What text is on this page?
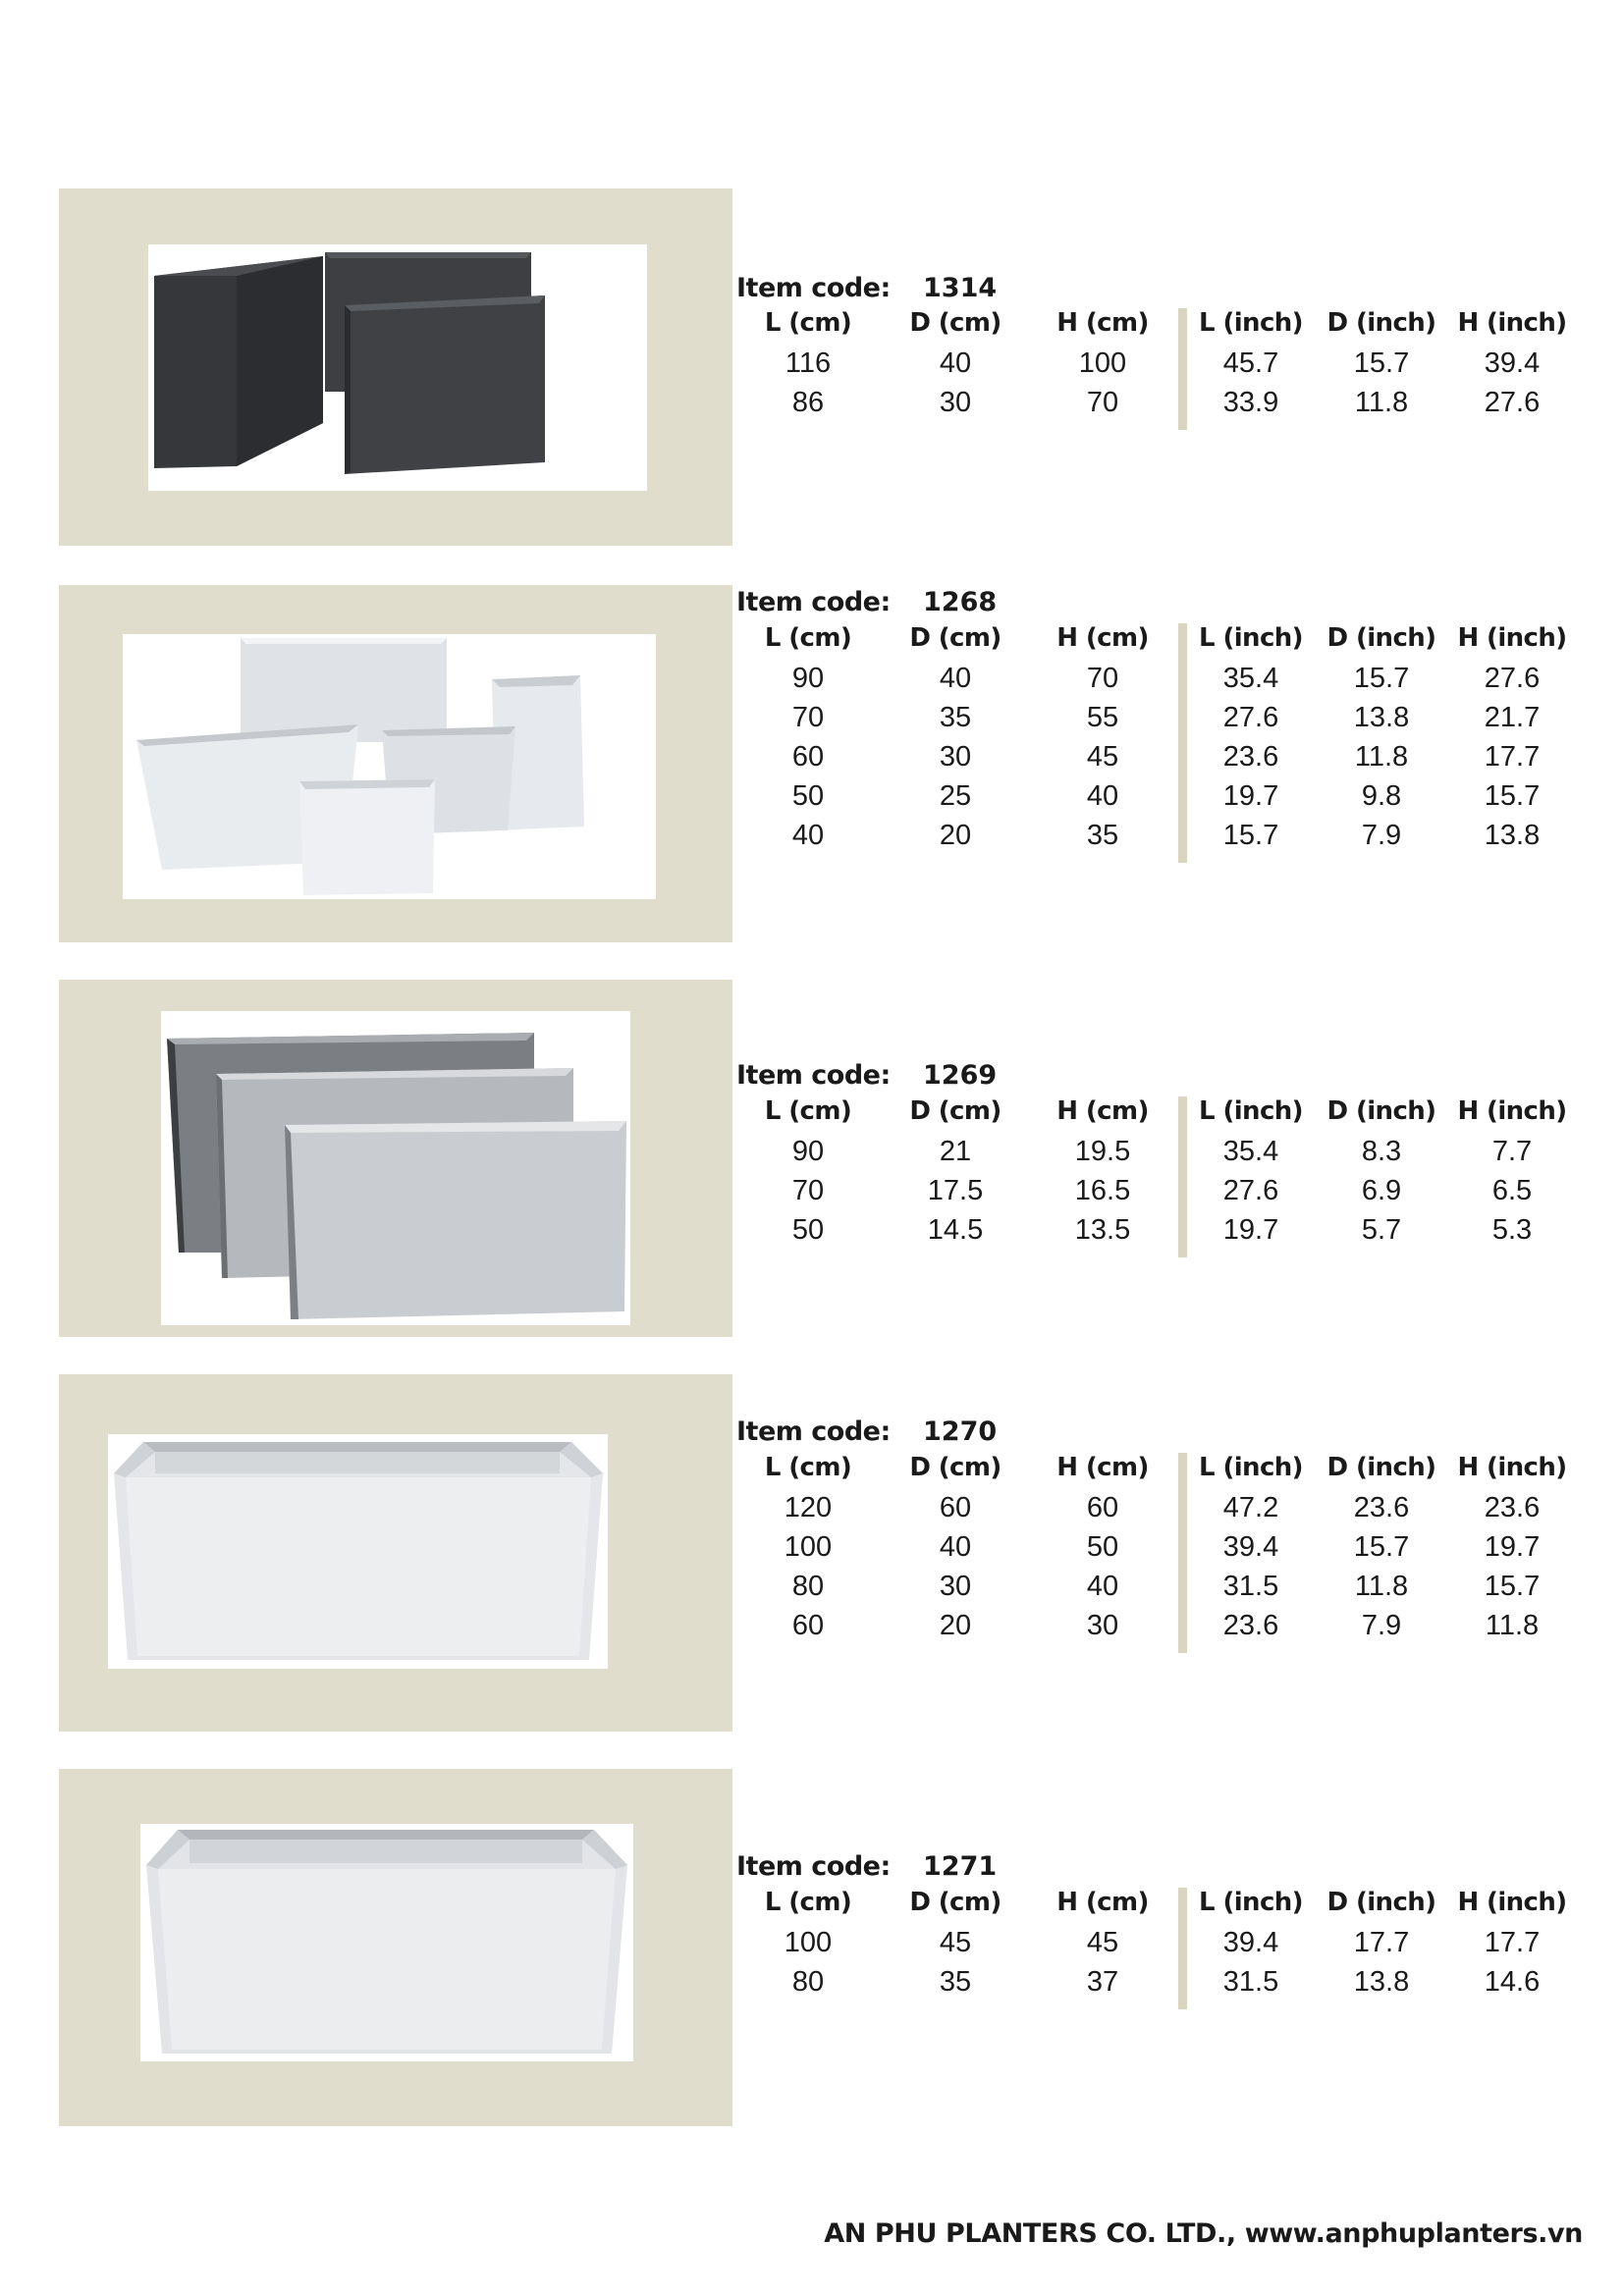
Item code: 1314
L (cm)	D (cm)	H (cm)	L (inch) D (inch) H (inch)
116	40	100	45.7	15.7	39.4
86	30	70	33.9	11.8	27.6
Item code: 1268
L (cm)	D (cm)	H (cm)	L (inch) D (inch) H (inch)
90	40	70	35.4	15.7	27.6
70	35	55	27.6	13.8	21.7
60	30	45	23.6	11.8	17.7
50	25	40	19.7	9.8	15.7
40	20	35	15.7	7.9	13.8
Item code: 1269
L (cm)	D (cm)	H (cm)	L (inch) D (inch) H (inch)
90	21	19.5	35.4	8.3	7.7
70	17.5	16.5	27.6	6.9	6.5
50	14.5	13.5	19.7	5.7	5.3
Item code: 1270
L (cm)	D (cm)	H (cm)	L (inch) D (inch) H (inch)
120	60	60	47.2	23.6	23.6
100	40	50	39.4	15.7	19.7
80	30	40	31.5	11.8	15.7
60	20	30	23.6	7.9	11.8
Item code: 1271
L (cm)	D (cm)	H (cm)	L (inch) D (inch) H (inch)
100	45	45	39.4	17.7	17.7
80	35	37	31.5	13.8	14.6
AN PHU PLANTERS CO. LTD., www.anphuplanters.vn
